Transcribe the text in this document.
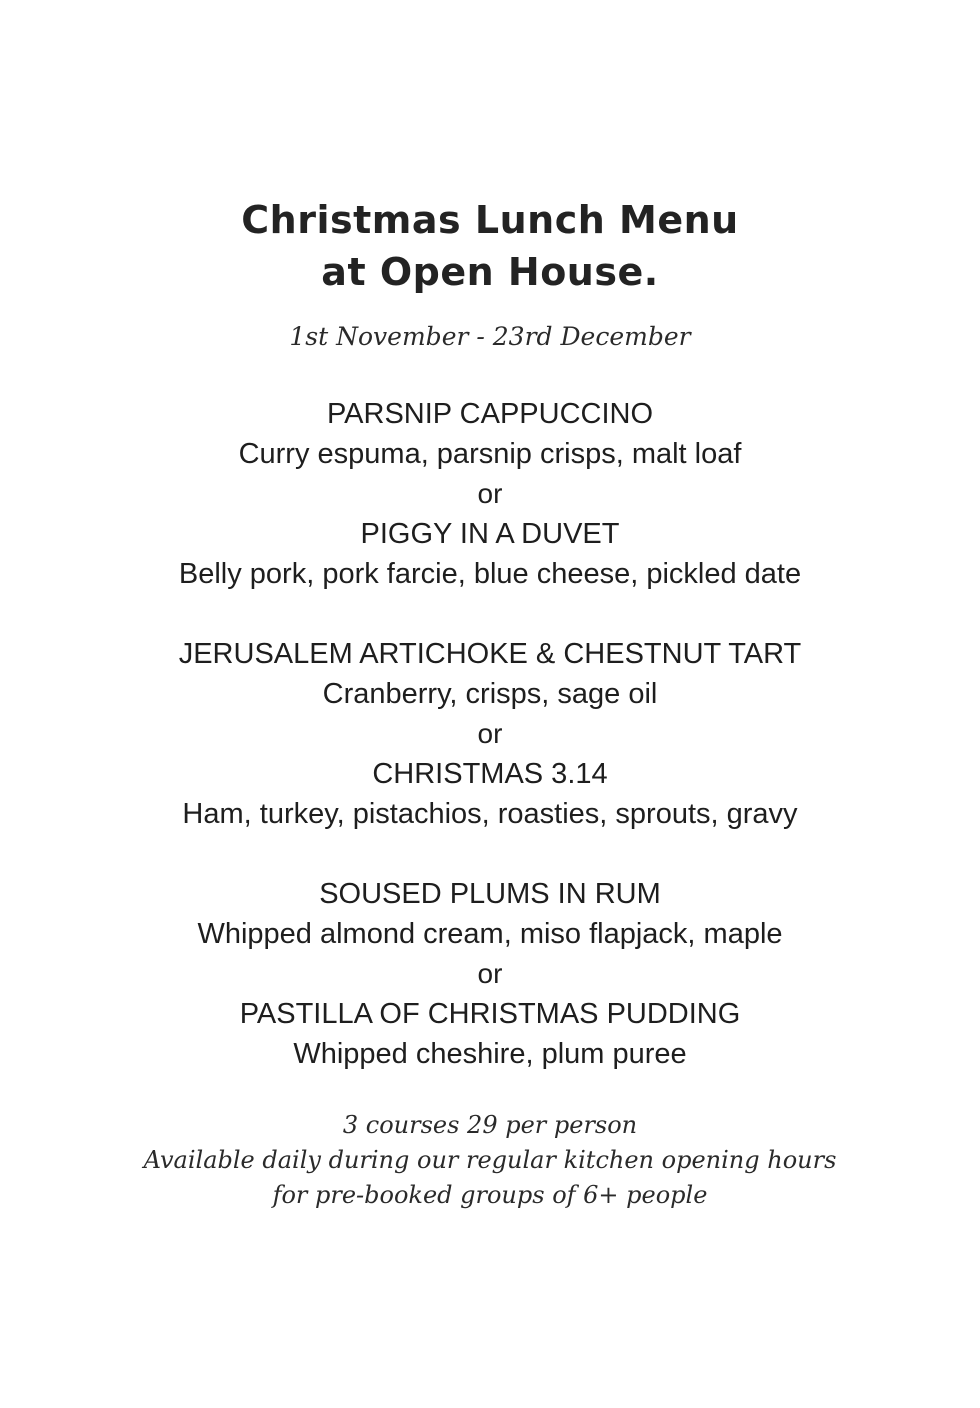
Christmas Lunch Menu
at Open House.
1st November - 23rd December
PARSNIP CAPPUCCINO
Curry espuma, parsnip crisps, malt loaf
or
PIGGY IN A DUVET
Belly pork, pork farcie, blue cheese, pickled date
JERUSALEM ARTICHOKE & CHESTNUT TART
Cranberry, crisps, sage oil
or
CHRISTMAS 3.14
Ham, turkey, pistachios, roasties, sprouts, gravy
SOUSED PLUMS IN RUM
Whipped almond cream, miso flapjack, maple
or
PASTILLA OF CHRISTMAS PUDDING
Whipped cheshire, plum puree
3 courses 29 per person
Available daily during our regular kitchen opening hours
for pre-booked groups of 6+ people
